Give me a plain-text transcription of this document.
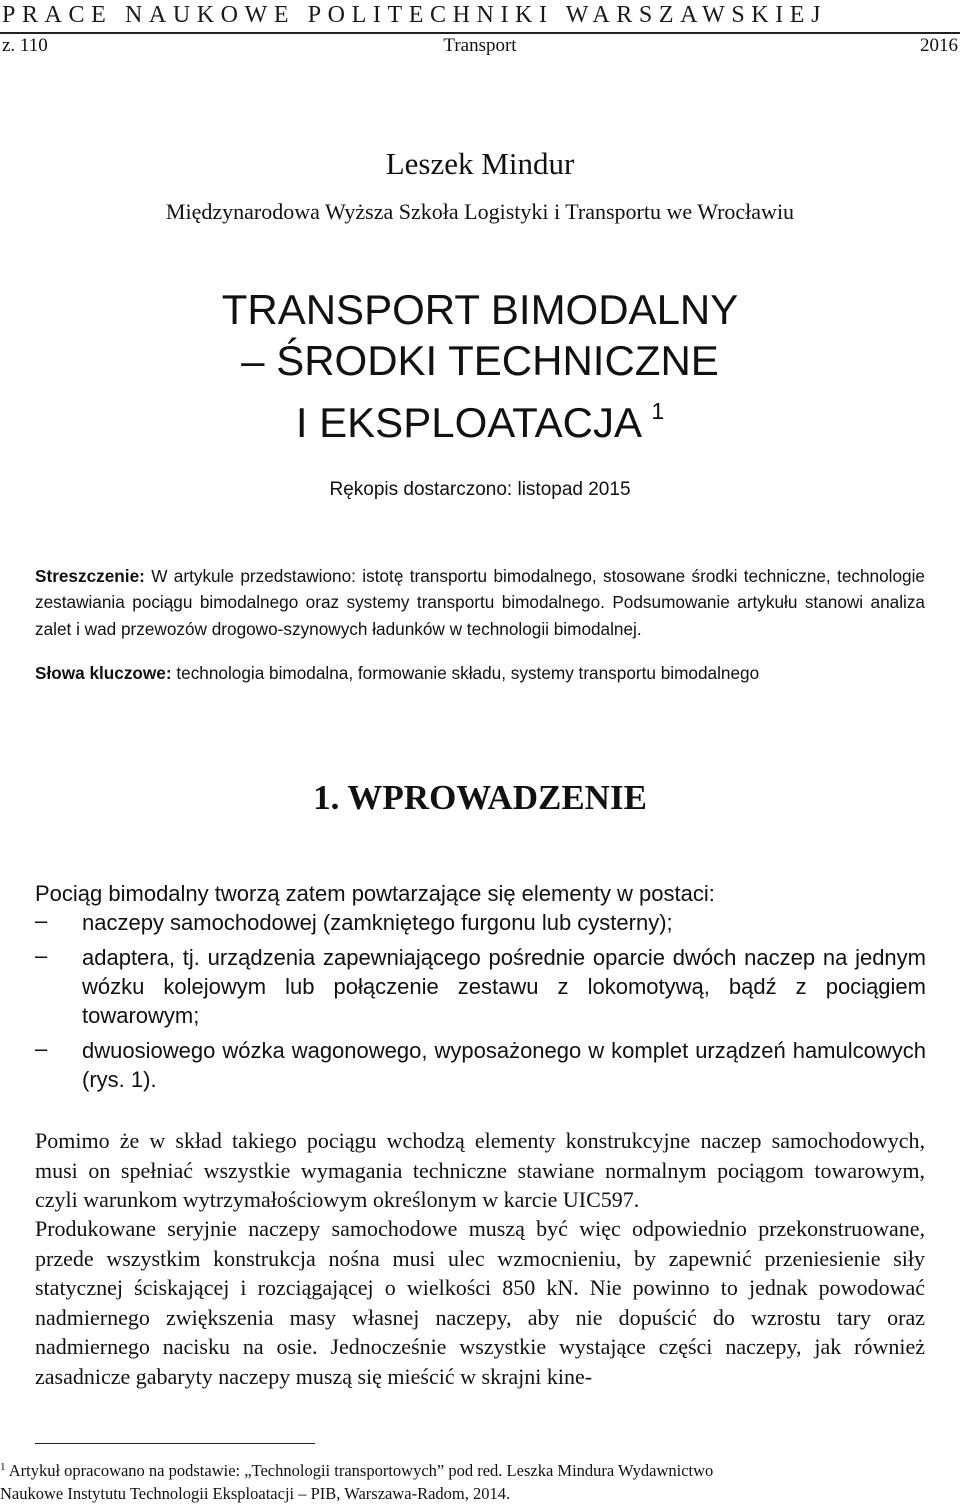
PRACE NAUKOWE POLITECHNIKI WARSZAWSKIEJ
z. 110	Transport	2016
Leszek Mindur
Międzynarodowa Wyższa Szkoła Logistyki i Transportu we Wrocławiu
TRANSPORT BIMODALNY
– ŚRODKI TECHNICZNE
I EKSPLOATACJA $^1$
Rękopis dostarczono: listopad 2015
Streszczenie: W artykule przedstawiono: istotę transportu bimodalnego, stosowane środki techniczne, technologie zestawiania pociągu bimodalnego oraz systemy transportu bimodalnego. Podsumowanie artykułu stanowi analiza zalet i wad przewozów drogowo-szynowych ładunków w technologii bimodalnej.
Słowa kluczowe: technologia bimodalna, formowanie składu, systemy transportu bimodalnego
1. WPROWADZENIE
Pociąg bimodalny tworzą zatem powtarzające się elementy w postaci:
– naczepy samochodowej (zamkniętego furgonu lub cysterny);
– adaptera, tj. urządzenia zapewniającego pośrednie oparcie dwóch naczep na jednym wózku kolejowym lub połączenie zestawu z lokomotywą, bądź z pociągiem towarowym;
– dwuosiowego wózka wagonowego, wyposażonego w komplet urządzeń hamulcowych (rys. 1).
Pomimo że w skład takiego pociągu wchodzą elementy konstrukcyjne naczep samochodowych, musi on spełniać wszystkie wymagania techniczne stawiane normalnym pociągom towarowym, czyli warunkom wytrzymałościowym określonym w karcie UIC597.
Produkowane seryjnie naczepy samochodowe muszą być więc odpowiednio przekonstruowane, przede wszystkim konstrukcja nośna musi ulec wzmocnieniu, by zapewnić przeniesienie siły statycznej ściskającej i rozciągającej o wielkości 850 kN. Nie powinno to jednak powodować nadmiernego zwiększenia masy własnej naczepy, aby nie dopuścić do wzrostu tary oraz nadmiernego nacisku na osie. Jednocześnie wszystkie wystające części naczepy, jak również zasadnicze gabaryty naczepy muszą się mieścić w skrajni kine-
$^1$ Artykuł opracowano na podstawie: „Technologii transportowych” pod red. Leszka Mindura Wydawnictwo
Naukowe Instytutu Technologii Eksploatacji – PIB, Warszawa-Radom, 2014.
